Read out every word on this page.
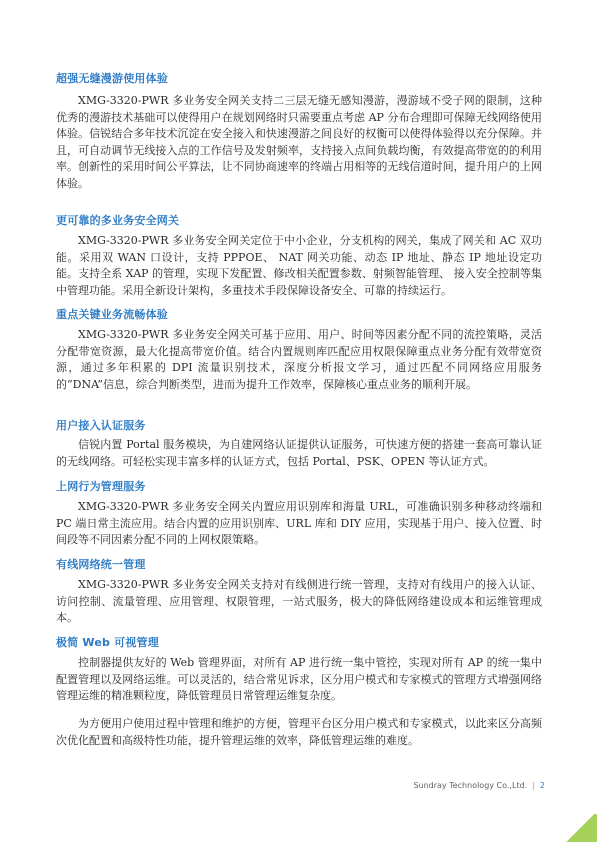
超强无缝漫游使用体验
XMG-3320-PWR 多业务安全网关支持二三层无缝无感知漫游，漫游域不受子网的限制，这种优秀的漫游技术基础可以使得用户在规划网络时只需要重点考虑 AP 分布合理即可保障无线网络使用体验。信锐结合多年技术沉淀在安全接入和快速漫游之间良好的权衡可以使得体验得以充分保障。并且，可自动调节无线接入点的工作信号及发射频率，支持接入点间负载均衡，有效提高带宽的的利用率。创新性的采用时间公平算法，让不同协商速率的终端占用相等的无线信道时间，提升用户的上网体验。
更可靠的多业务安全网关
XMG-3320-PWR 多业务安全网关定位于中小企业，分支机构的网关，集成了网关和 AC 双功能。采用双 WAN 口设计，支持 PPPOE、 NAT 网关功能、动态 IP 地址、静态 IP 地址设定功能。支持全系 XAP 的管理，实现下发配置、修改相关配置参数、射频智能管理、 接入安全控制等集中管理功能。采用全新设计架构，多重技术手段保障设备安全、可靠的持续运行。
重点关键业务流畅体验
XMG-3320-PWR 多业务安全网关可基于应用、用户、时间等因素分配不同的流控策略，灵活分配带宽资源，最大化提高带宽价值。结合内置规则库匹配应用权限保障重点业务分配有效带宽资源，通过多年积累的 DPI 流量识别技术，深度分析报文学习，通过匹配不同网络应用服务的“DNA”信息，综合判断类型，进而为提升工作效率，保障核心重点业务的顺利开展。
用户接入认证服务
信锐内置 Portal 服务模块，为自建网络认证提供认证服务，可快速方便的搭建一套高可靠认证的无线网络。可轻松实现丰富多样的认证方式，包括 Portal、PSK、OPEN 等认证方式。
上网行为管理服务
XMG-3320-PWR 多业务安全网关内置应用识别库和海量 URL，可准确识别多种移动终端和 PC 端日常主流应用。结合内置的应用识别库、URL 库和 DIY 应用，实现基于用户、接入位置、时间段等不同因素分配不同的上网权限策略。
有线网络统一管理
XMG-3320-PWR 多业务安全网关支持对有线侧进行统一管理，支持对有线用户的接入认证、访问控制、流量管理、应用管理、权限管理，一站式服务，极大的降低网络建设成本和运维管理成本。
极简 Web 可视管理
控制器提供友好的 Web 管理界面，对所有 AP 进行统一集中管控，实现对所有 AP 的统一集中配置管理以及网络运维。可以灵活的，结合常见诉求，区分用户模式和专家模式的管理方式增强网络管理运维的精准颗粒度，降低管理员日常管理运维复杂度。
为方便用户使用过程中管理和维护的方便，管理平台区分用户模式和专家模式，以此来区分高频次优化配置和高级特性功能，提升管理运维的效率，降低管理运维的难度。
Sundray Technology Co.,Ltd. | 2
